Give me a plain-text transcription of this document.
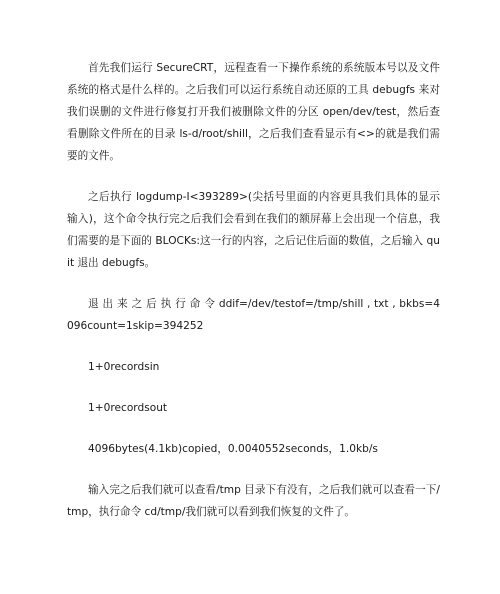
首先我们运行 SecureCRT，远程查看一下操作系统的系统版本号以及文件系统的格式是什么样的。之后我们可以运行系统自动还原的工具 debugfs 来对我们误删的文件进行修复打开我们被删除文件的分区 open/dev/test，然后查看删除文件所在的目录 ls-d/root/shill，之后我们查看显示有<>的就是我们需要的文件。

之后执行 logdump-I<393289>(尖括号里面的内容更具我们具体的显示输入)，这个命令执行完之后我们会看到在我们的额屏幕上会出现一个信息，我们需要的是下面的 BLOCKs:这一行的内容，之后记住后面的数值，之后输入 quit 退出 debugfs。

退 出 来 之 后 执 行 命 令 ddif=/dev/testof=/tmp/shill , txt , bkbs=4096count=1skip=394252

1+0recordsin

1+0recordsout

4096bytes(4.1kb)copied，0.0040552seconds，1.0kb/s

输入完之后我们就可以查看/tmp 目录下有没有，之后我们就可以查看一下/tmp，执行命令 cd/tmp/我们就可以看到我们恢复的文件了。
